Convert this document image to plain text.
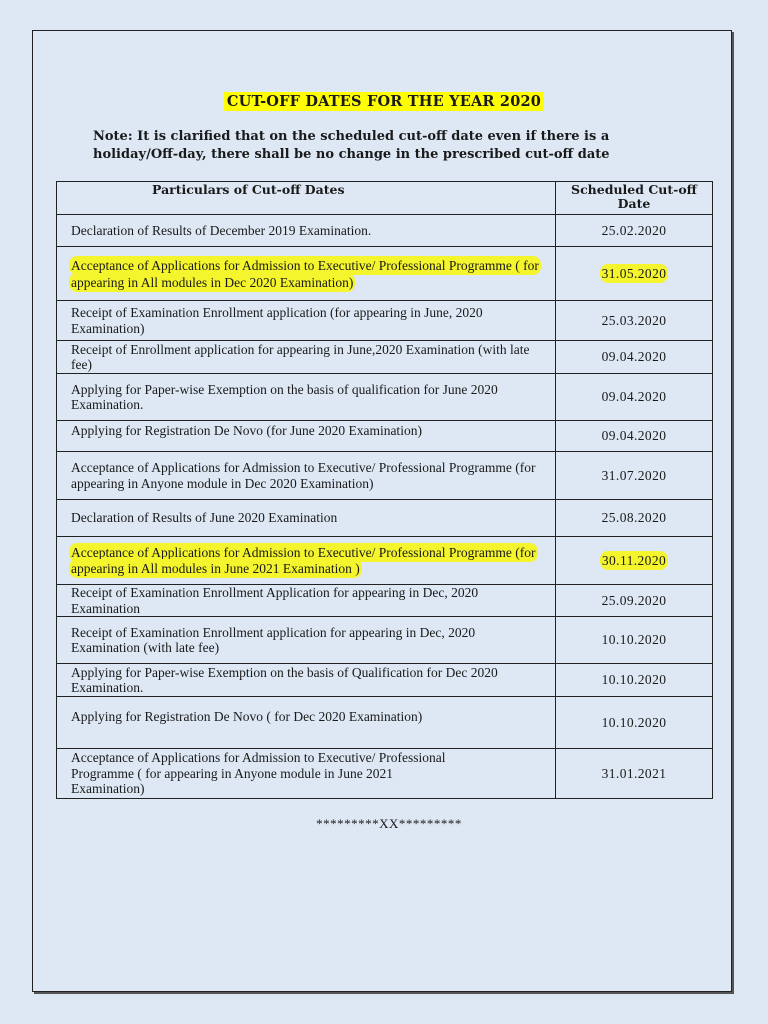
CUT-OFF DATES FOR THE YEAR 2020
Note: It is clarified that on the scheduled cut-off date even if there is a holiday/Off-day, there shall be no change in the prescribed cut-off date
Particulars of Cut-off Dates	Scheduled Cut-off Date
Declaration of Results of December 2019 Examination.	25.02.2020
Acceptance of Applications for Admission to Executive/ Professional Programme ( for appearing in All modules in Dec 2020 Examination)	31.05.2020
Receipt of Examination Enrollment application (for appearing in June, 2020 Examination)	25.03.2020
Receipt of Enrollment application for appearing in June,2020 Examination (with late fee)	09.04.2020
Applying for Paper-wise Exemption on the basis of qualification for June 2020 Examination.	09.04.2020
Applying for Registration De Novo (for June 2020 Examination)	09.04.2020
Acceptance of Applications for Admission to Executive/ Professional Programme (for appearing in Anyone module in Dec 2020 Examination)	31.07.2020
Declaration of Results of June 2020 Examination	25.08.2020
Acceptance of Applications for Admission to Executive/ Professional Programme (for appearing in All modules in June 2021 Examination )	30.11.2020
Receipt of Examination Enrollment Application for appearing in Dec, 2020 Examination	25.09.2020
Receipt of Examination Enrollment application for appearing in Dec, 2020 Examination (with late fee)	10.10.2020
Applying for Paper-wise Exemption on the basis of Qualification for Dec 2020 Examination.	10.10.2020
Applying for Registration De Novo ( for Dec 2020 Examination)	10.10.2020
Acceptance of Applications for Admission to Executive/ Professional Programme ( for appearing in Anyone module in June 2021 Examination)	31.01.2021
*********XX*********
